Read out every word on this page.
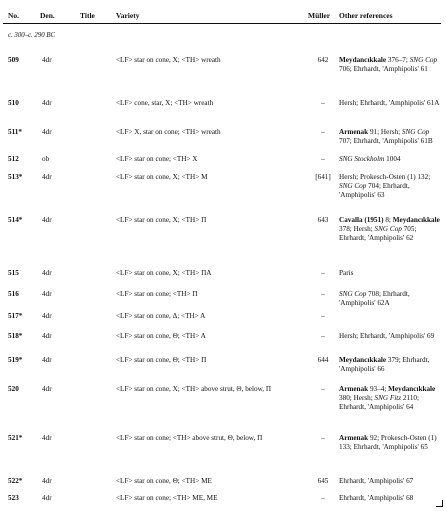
No.	Den.	Title	Variety	Müller Other references
c. 300–c. 290 BC
509	4dr	<LF> star on cone, X; <TH> wreath	642	Meydancıkkale 376–7; SNG Cop 706; Ehrhardt, 'Amphipolis' 61
510	4dr	<LF> cone, star, X; <TH> wreath	–	Hersh; Ehrhardt, 'Amphipolis' 61A
511*	4dr	<LF> X, star on cone; <TH> wreath	–	Armenak 91; Hersh; SNG Cop 707; Ehrhardt, 'Amphipolis' 61B
512	ob	<LF> star on cone; <TH> X	–	SNG Stockholm 1004
513*	4dr	<LF> star on cone, X; <TH> M	[641] Hersh; Prokesch-Osten (1) 132; SNG Cop 704; Ehrhardt, 'Amphipolis' 63
514*	4dr	<LF> star on cone, X; <TH> Π	643	Cavalla (1951) 8; Meydancıkkale 378; Hersh; SNG Cop 705; Ehrhardt, 'Amphipolis' 62
515	4dr	<LF> star on cone, X; <TH> ΠΑ	–	Paris
516	4dr	<LF> star on cone; <TH> Π	–	SNG Cop 708; Ehrhardt, 'Amphipolis' 62A
517*	4dr	<LF> star on cone, Δ; <TH> A	–
518*	4dr	<LF> star on cone, Θ; <TH> A	–	Hersh; Ehrhardt, 'Amphipolis' 69
519*	4dr	<LF> star on cone, Θ; <TH> Π	644	Meydancıkkale 379; Ehrhardt, 'Amphipolis' 66
520	4dr	<LF> star on cone, X; <TH> above strut, Θ, below, Π	–	Armenak 93–4; Meydancıkkale 380; Hersh; SNG Fitz 2110; Ehrhardt, 'Amphipolis' 64
521*	4dr	<LF> star on cone; <TH> above strut, Θ, below, Π	–	Armenak 92; Prokesch-Osten (1) 133; Ehrhardt, 'Amphipolis' 65
522*	4dr	<LF> star on cone, Θ; <TH> ΜΕ	645	Ehrhardt, 'Amphipolis' 67
523	4dr	<LF> star on cone; <TH> ΜΕ, ΜΕ	–	Ehrhardt, 'Amphipolis' 68
